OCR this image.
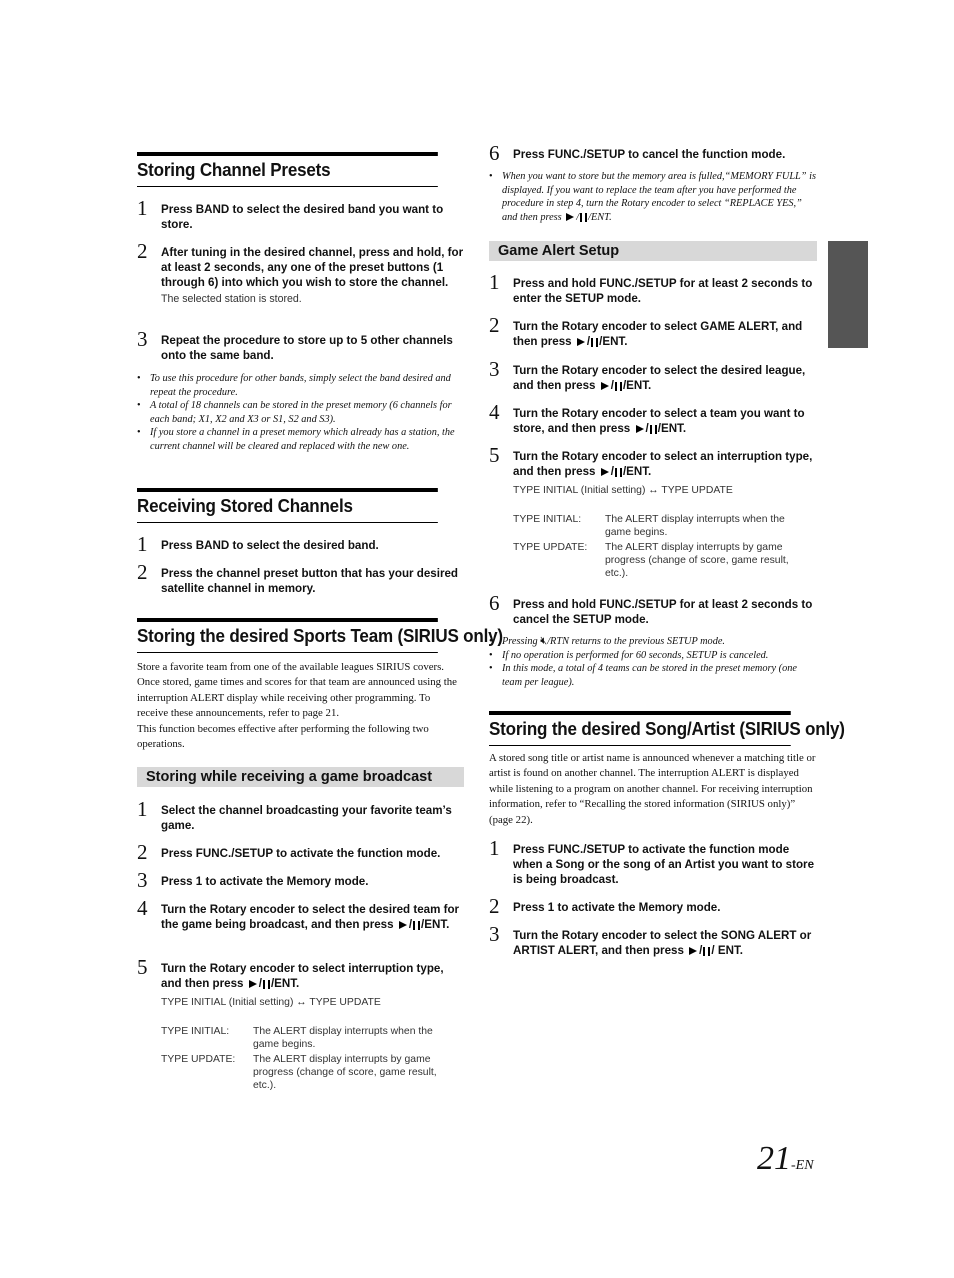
Storing Channel Presets
1 Press BAND to select the desired band you want to store.
2 After tuning in the desired channel, press and hold, for at least 2 seconds, any one of the preset buttons (1 through 6) into which you wish to store the channel.
The selected station is stored.
3 Repeat the procedure to store up to 5 other channels onto the same band.
• To use this procedure for other bands, simply select the band desired and repeat the procedure.
• A total of 18 channels can be stored in the preset memory (6 channels for each band; X1, X2 and X3 or S1, S2 and S3).
• If you store a channel in a preset memory which already has a station, the current channel will be cleared and replaced with the new one.
Receiving Stored Channels
1 Press BAND to select the desired band.
2 Press the channel preset button that has your desired satellite channel in memory.
Storing the desired Sports Team (SIRIUS only)
Store a favorite team from one of the available leagues SIRIUS covers. Once stored, game times and scores for that team are announced using the interruption ALERT display while receiving other programming. To receive these announcements, refer to page 21.
This function becomes effective after performing the following two operations.
Storing while receiving a game broadcast
1 Select the channel broadcasting your favorite team’s game.
2 Press FUNC./SETUP to activate the function mode.
3 Press 1 to activate the Memory mode.
4 Turn the Rotary encoder to select the desired team for the game being broadcast, and then press / /ENT.
5 Turn the Rotary encoder to select interruption type, and then press / /ENT.
TYPE INITIAL (Initial setting) ↔ TYPE UPDATE
TYPE INITIAL:	The ALERT display interrupts when the game begins.
TYPE UPDATE:	The ALERT display interrupts by game progress (change of score, game result, etc.).
6 Press FUNC./SETUP to cancel the function mode.
• When you want to store but the memory area is fulled,“MEMORY FULL” is displayed. If you want to replace the team after you have performed the procedure in step 4, turn the Rotary encoder to select “REPLACE YES,” and then press / /ENT.
Game Alert Setup
1 Press and hold FUNC./SETUP for at least 2 seconds to enter the SETUP mode.
2 Turn the Rotary encoder to select GAME ALERT, and then press / /ENT.
3 Turn the Rotary encoder to select the desired league, and then press / /ENT.
4 Turn the Rotary encoder to select a team you want to store, and then press / /ENT.
5 Turn the Rotary encoder to select an interruption type, and then press / /ENT.
TYPE INITIAL (Initial setting) ↔ TYPE UPDATE
TYPE INITIAL:	The ALERT display interrupts when the game begins.
TYPE UPDATE:	The ALERT display interrupts by game progress (change of score, game result, etc.).
6 Press and hold FUNC./SETUP for at least 2 seconds to cancel the SETUP mode.
• Pressing 🔇︎/RTN returns to the previous SETUP mode.
• If no operation is performed for 60 seconds, SETUP is canceled.
• In this mode, a total of 4 teams can be stored in the preset memory (one team per league).
Storing the desired Song/Artist (SIRIUS only)
A stored song title or artist name is announced whenever a matching title or artist is found on another channel. The interruption ALERT is displayed while listening to a program on another channel. For receiving interruption information, refer to “Recalling the stored information (SIRIUS only)” (page 22).
1 Press FUNC./SETUP to activate the function mode when a Song or the song of an Artist you want to store is being broadcast.
2 Press 1 to activate the Memory mode.
3 Turn the Rotary encoder to select the SONG ALERT or ARTIST ALERT, and then press / / ENT.
21-EN
